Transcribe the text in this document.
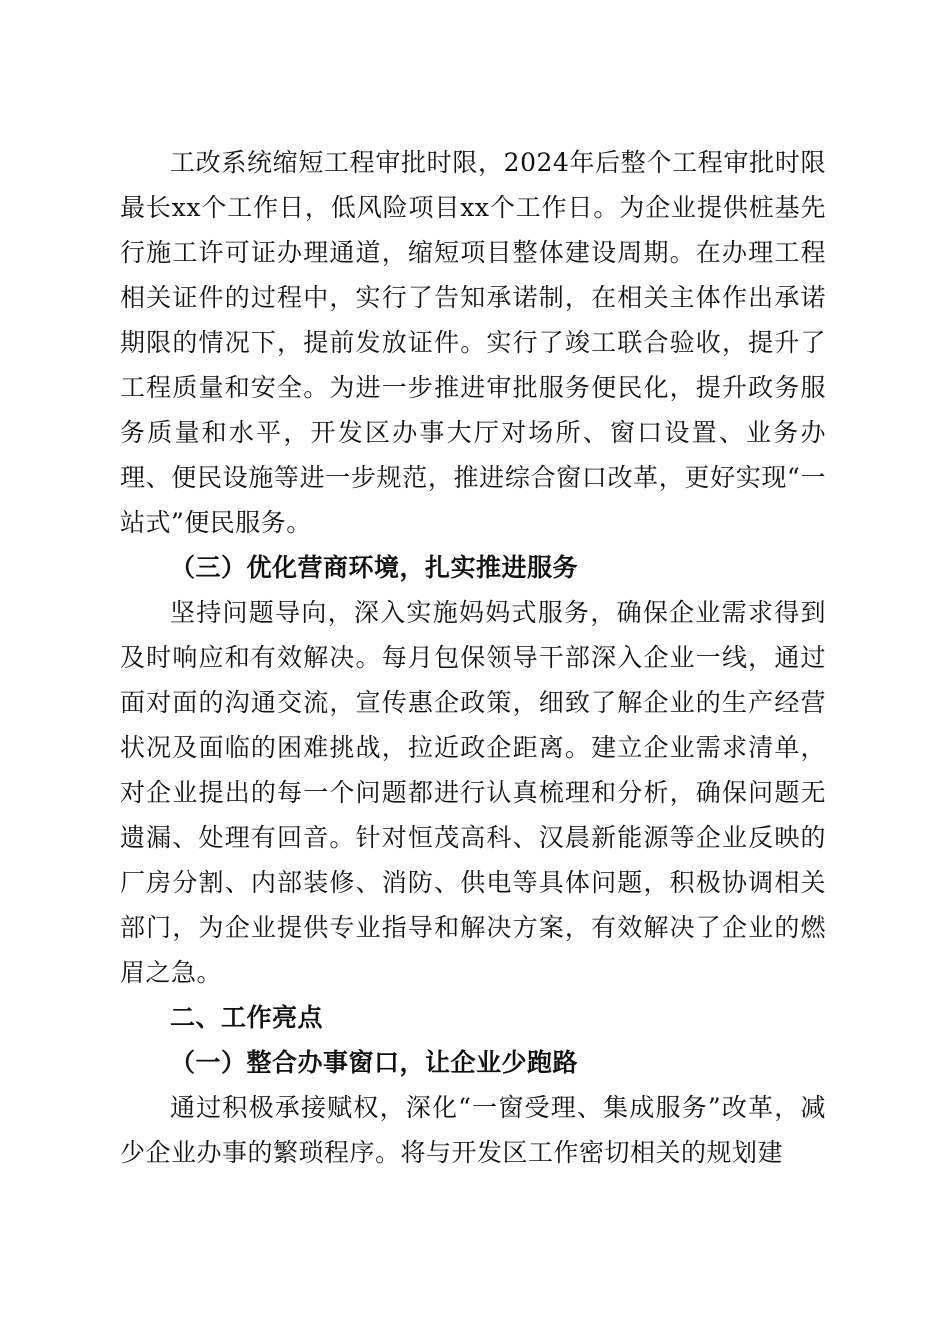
工改系统缩短工程审批时限，2024年后整个工程审批时限最长xx个工作日，低风险项目xx个工作日。为企业提供桩基先行施工许可证办理通道，缩短项目整体建设周期。在办理工程相关证件的过程中，实行了告知承诺制，在相关主体作出承诺期限的情况下，提前发放证件。实行了竣工联合验收，提升了工程质量和安全。为进一步推进审批服务便民化，提升政务服务质量和水平，开发区办事大厅对场所、窗口设置、业务办理、便民设施等进一步规范，推进综合窗口改革，更好实现“一站式”便民服务。

（三）优化营商环境，扎实推进服务

坚持问题导向，深入实施妈妈式服务，确保企业需求得到及时响应和有效解决。每月包保领导干部深入企业一线，通过面对面的沟通交流，宣传惠企政策，细致了解企业的生产经营状况及面临的困难挑战，拉近政企距离。建立企业需求清单，对企业提出的每一个问题都进行认真梳理和分析，确保问题无遗漏、处理有回音。针对恒茂高科、汉晨新能源等企业反映的厂房分割、内部装修、消防、供电等具体问题，积极协调相关部门，为企业提供专业指导和解决方案，有效解决了企业的燃眉之急。

二、工作亮点

（一）整合办事窗口，让企业少跑路

通过积极承接赋权，深化“一窗受理、集成服务”改革，减少企业办事的繁琐程序。将与开发区工作密切相关的规划建
